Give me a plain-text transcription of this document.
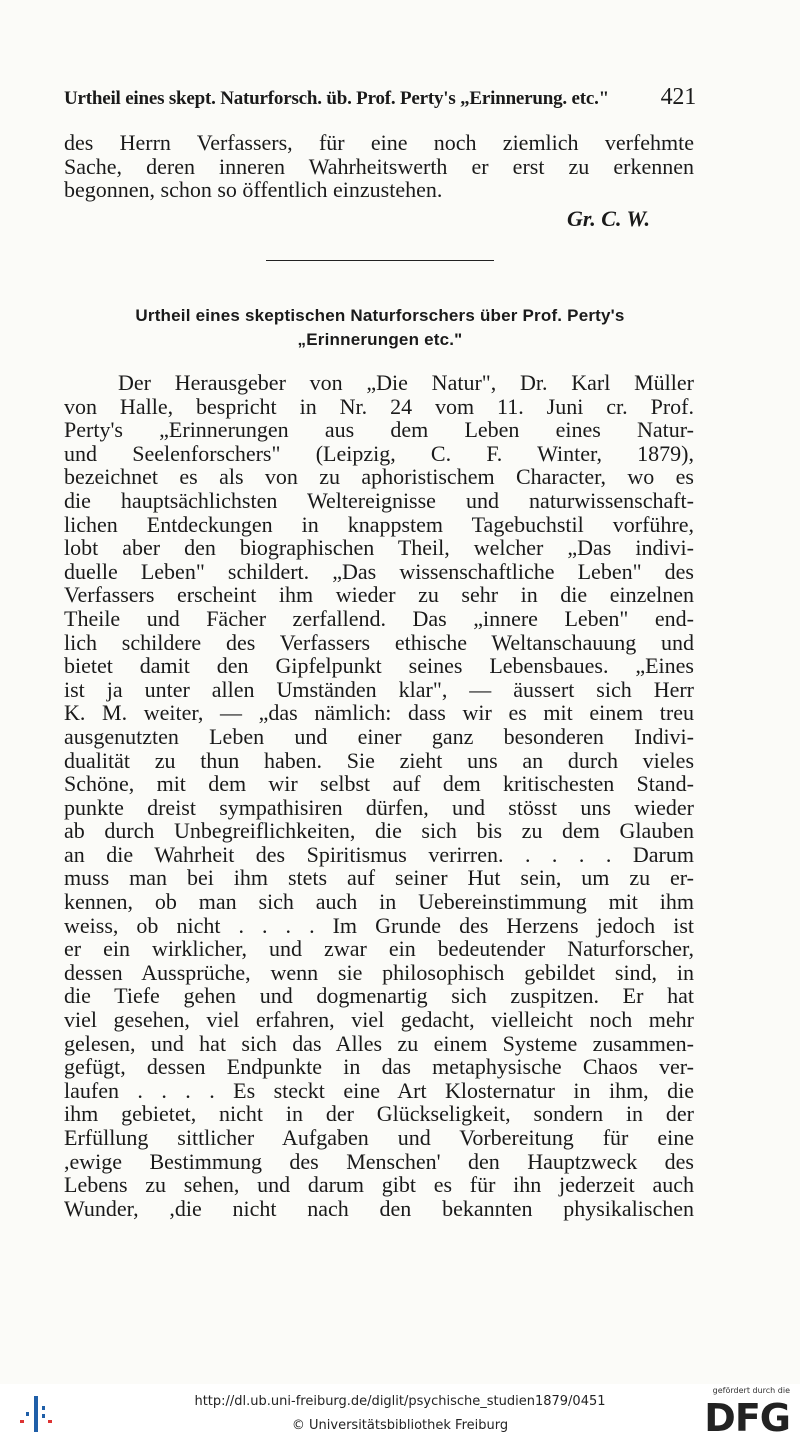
Urtheil eines skept. Naturforsch. üb. Prof. Perty's „Erinnerung. etc." 421
des Herrn Verfassers, für eine noch ziemlich verfehmte
Sache, deren inneren Wahrheitswerth er erst zu erkennen
begonnen, schon so öffentlich einzustehen.
Gr. C. W.
Urtheil eines skeptischen Naturforschers über Prof. Perty's
„Erinnerungen etc."
Der Herausgeber von „Die Natur", Dr. Karl Müller
von Halle, bespricht in Nr. 24 vom 11. Juni cr. Prof.
Perty's „Erinnerungen aus dem Leben eines Natur-
und Seelenforschers" (Leipzig, C. F. Winter, 1879),
bezeichnet es als von zu aphoristischem Character, wo es
die hauptsächlichsten Weltereignisse und naturwissenschaft-
lichen Entdeckungen in knappstem Tagebuchstil vorführe,
lobt aber den biographischen Theil, welcher „Das indivi-
duelle Leben" schildert. „Das wissenschaftliche Leben" des
Verfassers erscheint ihm wieder zu sehr in die einzelnen
Theile und Fächer zerfallend. Das „innere Leben" end-
lich schildere des Verfassers ethische Weltanschauung und
bietet damit den Gipfelpunkt seines Lebensbaues. „Eines
ist ja unter allen Umständen klar", — äussert sich Herr
K. M. weiter, — „das nämlich: dass wir es mit einem treu
ausgenutzten Leben und einer ganz besonderen Indivi-
dualität zu thun haben. Sie zieht uns an durch vieles
Schöne, mit dem wir selbst auf dem kritischesten Stand-
punkte dreist sympathisiren dürfen, und stösst uns wieder
ab durch Unbegreiflichkeiten, die sich bis zu dem Glauben
an die Wahrheit des Spiritismus verirren. . . . . Darum
muss man bei ihm stets auf seiner Hut sein, um zu er-
kennen, ob man sich auch in Uebereinstimmung mit ihm
weiss, ob nicht . . . . Im Grunde des Herzens jedoch ist
er ein wirklicher, und zwar ein bedeutender Naturforscher,
dessen Aussprüche, wenn sie philosophisch gebildet sind, in
die Tiefe gehen und dogmenartig sich zuspitzen. Er hat
viel gesehen, viel erfahren, viel gedacht, vielleicht noch mehr
gelesen, und hat sich das Alles zu einem Systeme zusammen-
gefügt, dessen Endpunkte in das metaphysische Chaos ver-
laufen . . . . Es steckt eine Art Klosternatur in ihm, die
ihm gebietet, nicht in der Glückseligkeit, sondern in der
Erfüllung sittlicher Aufgaben und Vorbereitung für eine
,ewige Bestimmung des Menschen' den Hauptzweck des
Lebens zu sehen, und darum gibt es für ihn jederzeit auch
Wunder, ,die nicht nach den bekannten physikalischen
http://dl.ub.uni-freiburg.de/diglit/psychische_studien1879/0451
© Universitätsbibliothek Freiburg
gefördert durch die
DFG
